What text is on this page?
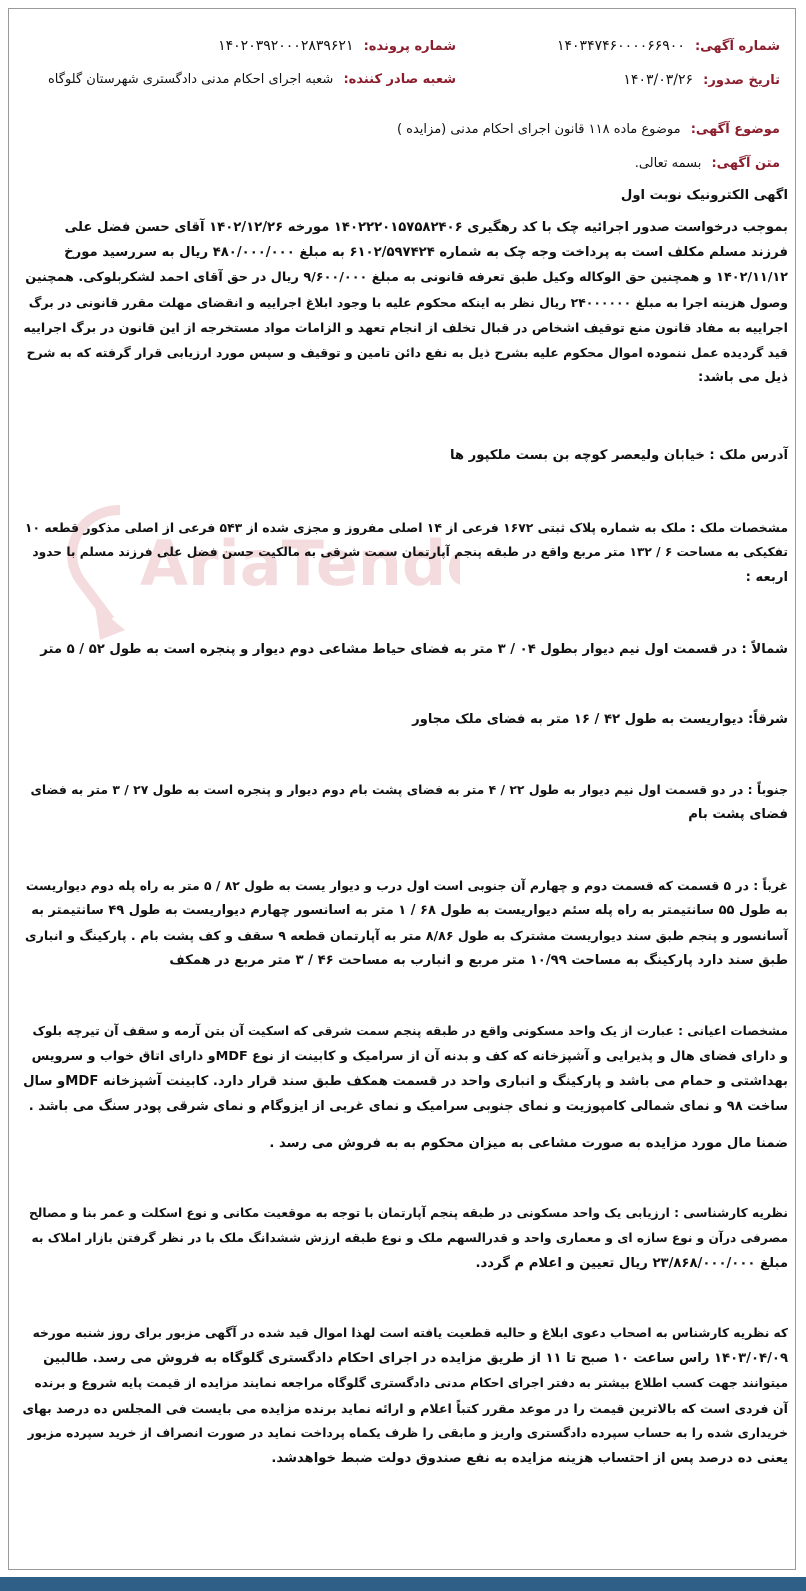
AriaTend
شماره آگهی: ۱۴۰۳۴۷۴۶۰۰۰۰۶۶۹۰۰
شماره پرونده: ۱۴۰۲۰۳۹۲۰۰۰۲۸۳۹۶۲۱
تاریخ صدور: ۱۴۰۳/۰۳/۲۶
شعبه صادر کننده: شعبه اجرای احکام مدنی دادگستری شهرستان گلوگاه
موضوع آگهی: موضوع ماده ۱۱۸ قانون اجرای احکام مدنی (مزایده )
متن آگهی: بسمه تعالی.
اگهی الکترونیک نوبت اول
بموجب درخواست صدور اجرائیه چک با کد رهگیری ۱۴۰۲۲۲۰۱۵۷۵۸۲۴۰۶ مورخه ۱۴۰۲/۱۲/۲۶ آقای حسن فضل علی
فرزند مسلم مکلف است به پرداخت وجه چک به شماره ۶۱۰۲/۵۹۷۴۲۴ به مبلغ ۴۸۰/۰۰۰/۰۰۰ ریال به سررسید مورخ
۱۴۰۲/۱۱/۱۲ و همچنین حق الوکاله وکیل طبق تعرفه قانونی به مبلغ ۹/۶۰۰/۰۰۰ ریال در حق آقای احمد لشکربلوکی. همچنین
وصول هزینه اجرا به مبلغ ۲۴۰۰۰۰۰۰ ریال نظر به اینکه محکوم علیه با وجود ابلاغ اجراییه و انقضای مهلت مقرر قانونی در برگ
اجراییه به مفاد قانون منع توقیف اشخاص در قبال تخلف از انجام تعهد و الزامات مواد مستخرجه از این قانون در برگ اجراییه
قید گردیده عمل ننموده اموال محکوم علیه بشرح ذیل به نفع دائن تامین و توقیف و سپس مورد ارزیابی قرار گرفته که به شرح
ذیل می باشد:
آدرس ملک : خیابان ولیعصر کوچه بن بست ملکپور ها
مشخصات ملک : ملک به شماره پلاک ثبتی ۱۶۷۲ فرعی از ۱۴ اصلی مفروز و مجزی شده از ۵۴۳ فرعی از اصلی مذکور قطعه ۱۰
تفکیکی به مساحت ۶ / ۱۳۲ متر مربع واقع در طبقه پنجم آپارتمان سمت شرقی به مالکیت حسن فضل علی فرزند مسلم با حدود
اربعه :
شمالاً : در قسمت اول نیم دیوار بطول ۰۴ / ۳ متر به فضای حیاط مشاعی دوم دیوار و پنجره است به طول ۵۲ / ۵ متر
شرقاً: دیواریست به طول ۴۲ / ۱۶ متر به فضای ملک مجاور
جنوباً : در دو قسمت اول نیم دیوار به طول ۲۲ / ۴ متر به فضای پشت بام دوم دیوار و پنجره است به طول ۲۷ / ۳ متر به فضای
فضای پشت بام
غرباً : در ۵ قسمت که قسمت دوم و چهارم آن جنوبی است اول درب و دیوار یست به طول ۸۲ / ۵ متر به راه پله دوم دیواریست
به طول ۵۵ سانتیمتر به راه پله سئم دیواریست به طول ۶۸ / ۱ متر به اسانسور چهارم دیواریست به طول ۴۹ سانتیمتر به
آسانسور و پنجم طبق سند دیواریست مشترک به طول ۸/۸۶ متر به آپارتمان قطعه ۹ سقف و کف پشت بام . پارکینگ و انباری
طبق سند دارد پارکینگ به مساحت ۱۰/۹۹ متر مربع و انبارب به مساحت ۴۶ / ۳ متر مربع در همکف
مشخصات اعیانی : عبارت از یک واحد مسکونی واقع در طبقه پنجم سمت شرقی که اسکیت آن بتن آرمه و سقف آن تیرچه بلوک
و دارای فضای هال و پذیرایی و آشپزخانه که کف و بدنه آن از سرامیک و کابینت از نوع MDFو دارای اتاق خواب و سرویس
بهداشتی و حمام می باشد و پارکینگ و انباری واحد در قسمت همکف طبق سند قرار دارد. کابینت آشپزخانه MDFو سال
ساخت ۹۸ و نمای شمالی کامپوزیت و نمای جنوبی سرامیک و نمای غربی از ایزوگام و نمای شرقی پودر سنگ می باشد .
ضمنا مال مورد مزایده به صورت مشاعی به میزان محکوم به به فروش می رسد .
نظریه کارشناسی : ارزیابی یک واحد مسکونی در طبقه پنجم آپارتمان با توجه به موقعیت مکانی و نوع اسکلت و عمر بنا و مصالح
مصرفی درآن و نوع سازه ای و معماری واحد و قدرالسهم ملک و نوع طبقه ارزش ششدانگ ملک با در نظر گرفتن بازار املاک به
مبلغ ۲۳/۸۶۸/۰۰۰/۰۰۰ ریال تعیین و اعلام م گردد.
که نظریه کارشناس به اصحاب دعوی ابلاغ و حالیه قطعیت یافته است لهذا اموال قید شده در آگهی مزبور برای روز شنبه مورخه
۱۴۰۳/۰۴/۰۹ راس ساعت ۱۰ صبح تا ۱۱ از طریق مزایده در اجرای احکام دادگستری گلوگاه به فروش می رسد. طالبین
میتوانند جهت کسب اطلاع بیشتر به دفتر اجرای احکام مدنی دادگستری گلوگاه مراجعه نمایند مزایده از قیمت پایه شروع و برنده
آن فردی است که بالاترین قیمت را در موعد مقرر کتباً اعلام و ارائه نماید برنده مزایده می بایست فی المجلس ده درصد بهای
خریداری شده را به حساب سپرده دادگستری واریز و مابقی را ظرف یکماه پرداخت نماید در صورت انصراف از خرید سپرده مزبور
یعنی ده درصد پس از احتساب هزینه مزایده به نفع صندوق دولت ضبط خواهدشد.
